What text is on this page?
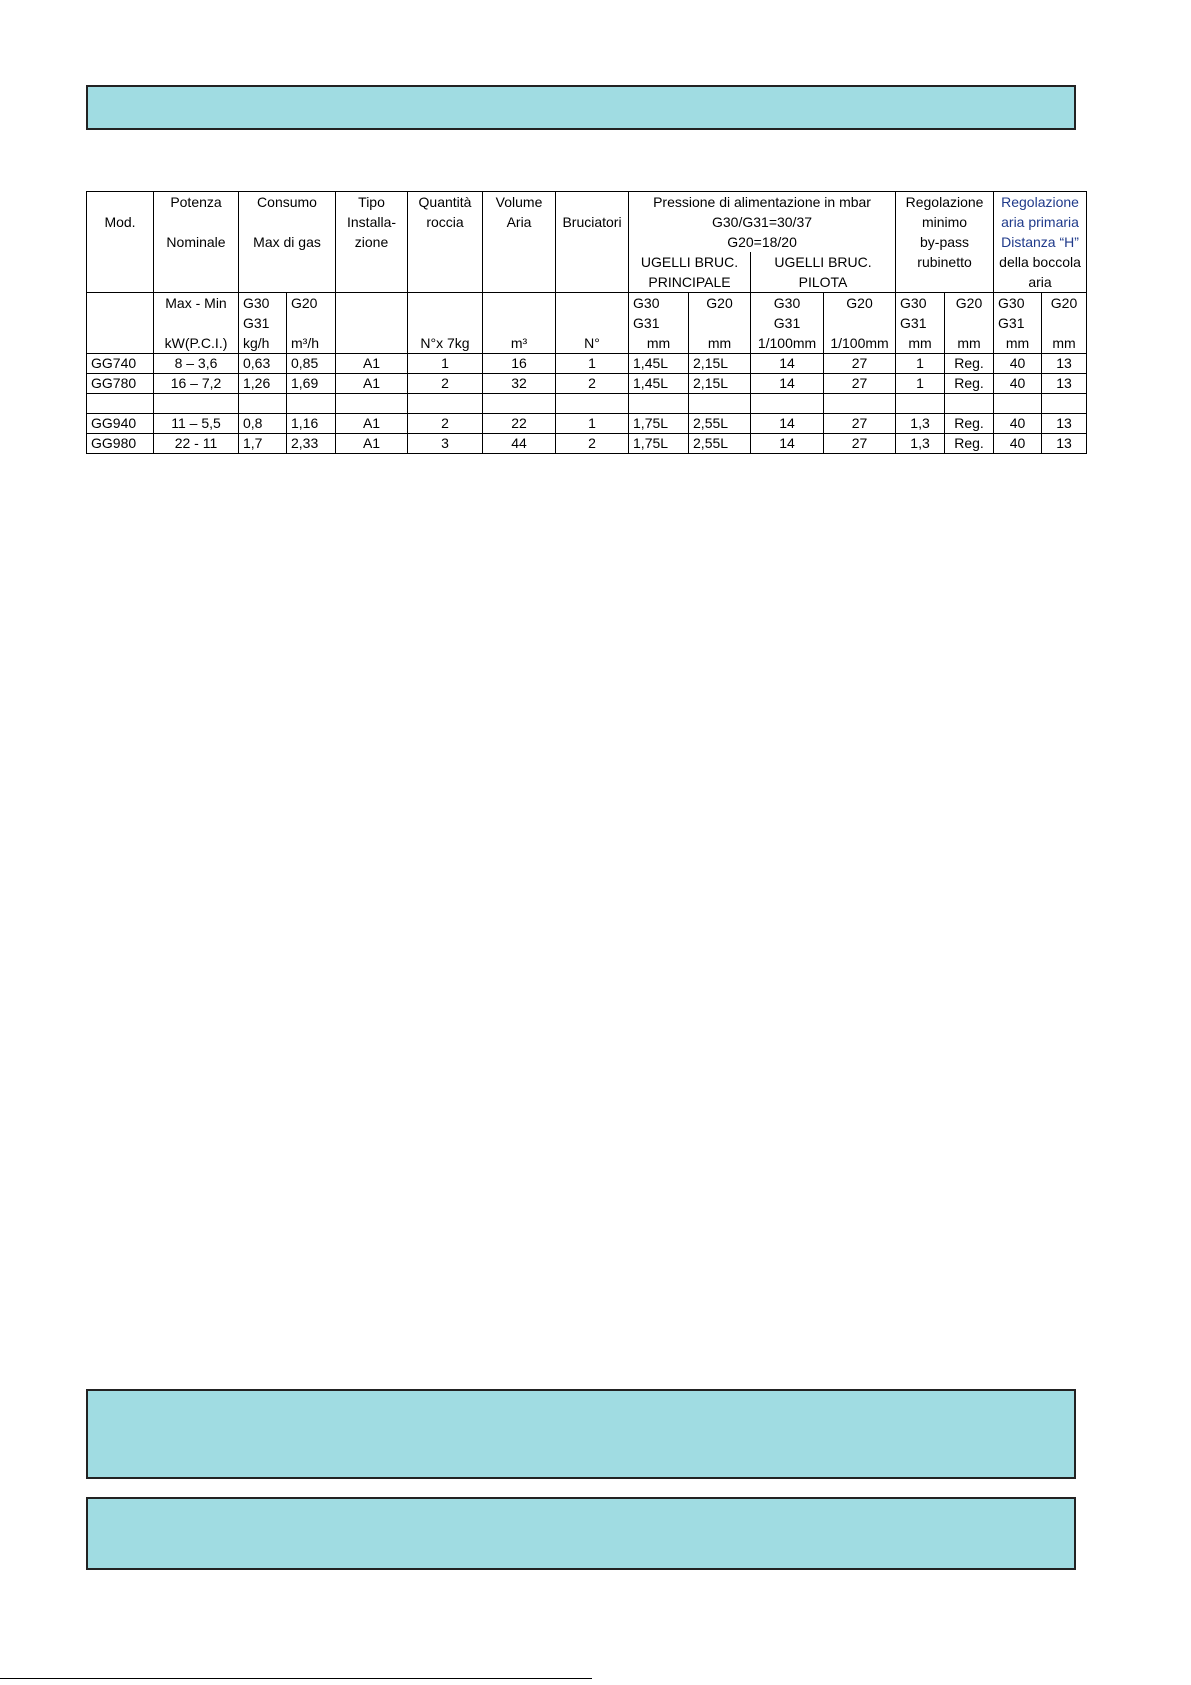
	Potenza	Consumo		Tipo	Quantità	Volume		Pressione di alimentazione in mbar				Regolazione		Regolazione	
Mod.				Installa-	roccia	Aria	Bruciatori	G30/G31=30/37				minimo		aria primaria	
	Nominale	Max di gas		zione				G20=18/20				by-pass		Distanza “H”	
								UGELLI BRUC.		UGELLI BRUC.		rubinetto		della boccola	
								PRINCIPALE		PILOTA				aria	
	Max - Min	G30	G20					G30	G20	G30	G20	G30	G20	G30	G20
		G31						G31		G31		G31		G31	
	kW(P.C.I.)	kg/h	m³/h		N°x 7kg	m³	N°	mm	mm	1/100mm	1/100mm	mm	mm	mm	mm
GG740	8 – 3,6	0,63	0,85	A1	1	16	1	1,45L	2,15L	14	27	1	Reg.	40	13
GG780	16 – 7,2	1,26	1,69	A1	2	32	2	1,45L	2,15L	14	27	1	Reg.	40	13

GG940	11 – 5,5	0,8	1,16	A1	2	22	1	1,75L	2,55L	14	27	1,3	Reg.	40	13
GG980	22 - 11	1,7	2,33	A1	3	44	2	1,75L	2,55L	14	27	1,3	Reg.	40	13
